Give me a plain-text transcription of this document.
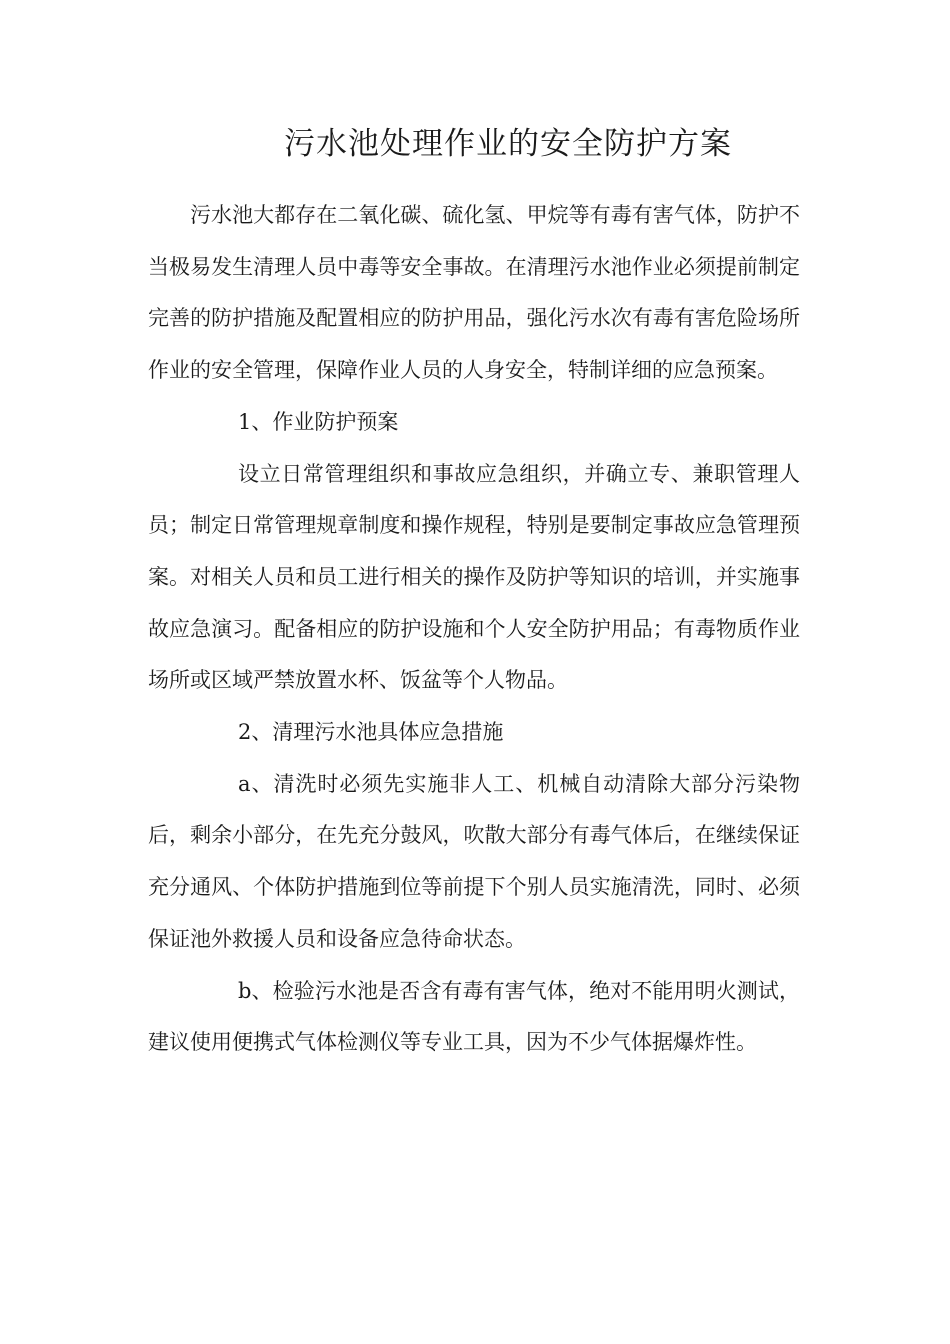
污水池处理作业的安全防护方案

污水池大都存在二氧化碳、硫化氢、甲烷等有毒有害气体，防护不当极易发生清理人员中毒等安全事故。在清理污水池作业必须提前制定完善的防护措施及配置相应的防护用品，强化污水次有毒有害危险场所作业的安全管理，保障作业人员的人身安全，特制详细的应急预案。

1、作业防护预案

设立日常管理组织和事故应急组织，并确立专、兼职管理人员；制定日常管理规章制度和操作规程，特别是要制定事故应急管理预案。对相关人员和员工进行相关的操作及防护等知识的培训，并实施事故应急演习。配备相应的防护设施和个人安全防护用品；有毒物质作业场所或区域严禁放置水杯、饭盆等个人物品。

2、清理污水池具体应急措施

a、清洗时必须先实施非人工、机械自动清除大部分污染物后，剩余小部分，在先充分鼓风，吹散大部分有毒气体后，在继续保证充分通风、个体防护措施到位等前提下个别人员实施清洗，同时、必须保证池外救援人员和设备应急待命状态。

b、检验污水池是否含有毒有害气体，绝对不能用明火测试，建议使用便携式气体检测仪等专业工具，因为不少气体据爆炸性。
